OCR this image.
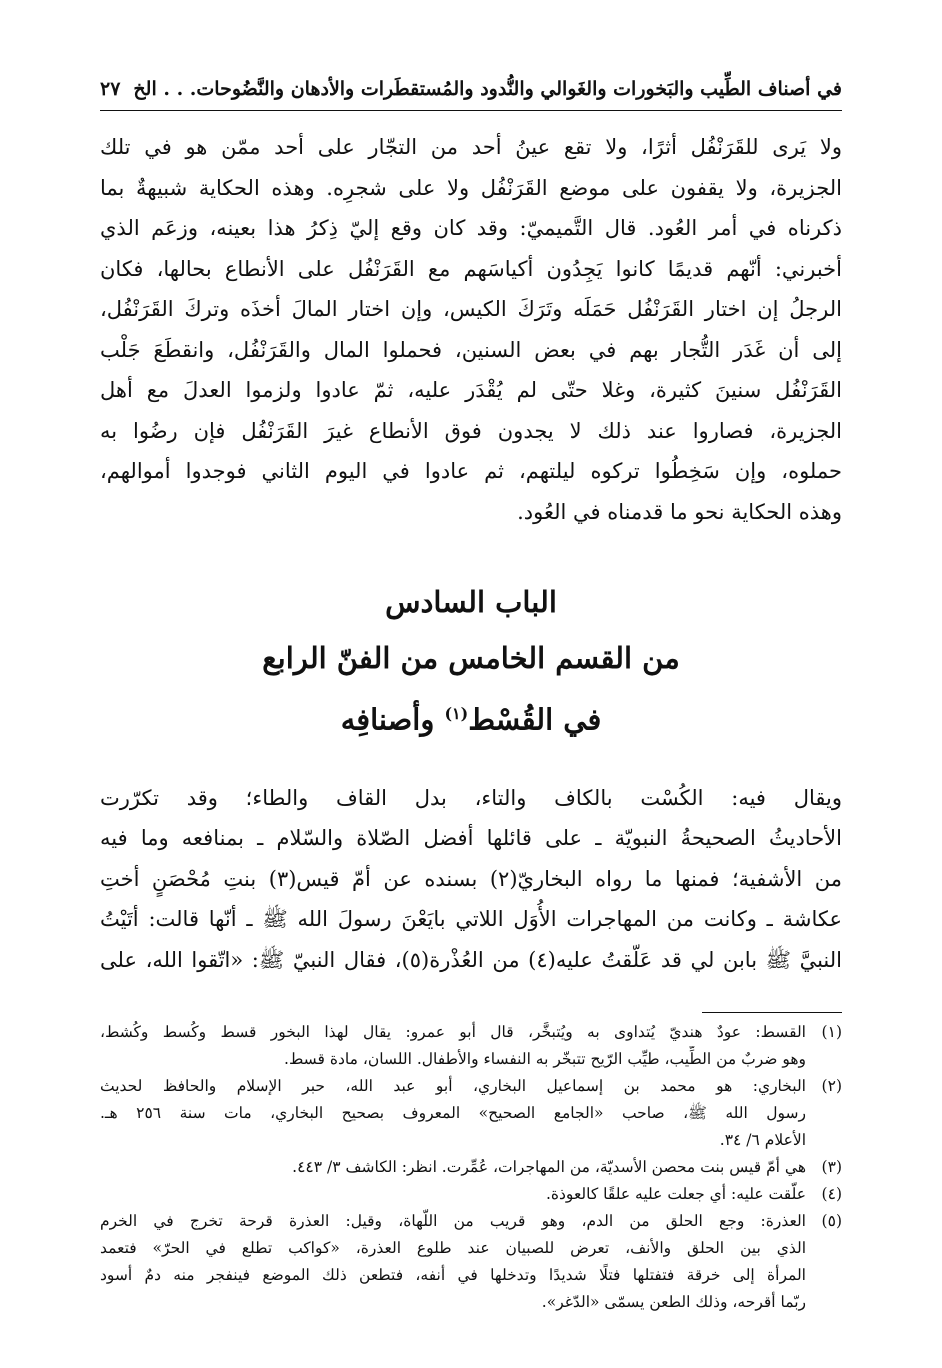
في أصناف الطِّيب والبَخورات والغَوالي والنُّدود والمُستقطَرات والأدهان والنَّضُوحات. . . الخ
٢٧
ولا يَرى للقَرَنْفُل أثرًا، ولا تقع عينُ أحد من التجّار على أحد ممّن هو في تلك
الجزيرة، ولا يقفون على موضع القَرَنْفُل ولا على شجرِه. وهذه الحكاية شبيهةٌ بما
ذكرناه في أمر العُود. قال التَّميميّ: وقد كان وقع إليّ ذِكرُ هذا بعينه، وزعَم الذي
أخبرني: أنّهم قديمًا كانوا يَجِدُون أكياسَهم مع القَرَنْفُل على الأنطاع بحالها، فكان
الرجلُ إن اختار القَرَنْفُل حَمَلَه وتَرَكَ الكيس، وإن اختار المالَ أخذَه وتركَ القَرَنْفُل،
إلى أن غَدَر التُّجار بهم في بعض السنين، فحملوا المال والقَرَنْفُل، وانقطَعَ جَلْب
القَرَنْفُل سنينَ كثيرة، وغلا حتّى لم يُقْدَر عليه، ثمّ عادوا ولزموا العدلَ مع أهل
الجزيرة، فصاروا عند ذلك لا يجدون فوق الأنطاع غيرَ القَرَنْفُل فإن رضُوا به
حملوه، وإن سَخِطُوا تركوه ليلتهم، ثم عادوا في اليوم الثاني فوجدوا أموالهم،
وهذه الحكاية نحو ما قدمناه في العُود.
الباب السادس
من القسم الخامس من الفنّ الرابع
في القُسْط$^{(١)}$ وأصنافِه
ويقال فيه: الكُسْت بالكاف والتاء، بدل القاف والطاء؛ وقد تكرّرت
الأحاديثُ الصحيحةُ النبويّة ـ على قائلها أفضل الصّلاة والسّلام ـ بمنافعه وما فيه
من الأشفية؛ فمنها ما رواه البخاريّ(٢) بسنده عن أمّ قيس(٣) بنتِ مُحْصَنٍ أختِ
عكاشة ـ وكانت من المهاجرات الأُوَل اللاتي بايَعْنَ رسولَ الله ﷺ ـ أنّها قالت: أتَيْتُ
النبيَّ ﷺ بابن لي قد عَلّقتُ عليه(٤) من العُذْرة(٥)، فقال النبيّ ﷺ: «اتّقوا الله، على
(١)
القسط: عودٌ هنديّ يُتداوى به ويُتبخَّر، قال أبو عمرو: يقال لهذا البخور قسط وكُسط وكُشط،
وهو ضربٌ من الطِّيب، طيِّب الرّيح تتبخّر به النفساء والأطفال. اللسان، مادة قسط.
(٢)
البخاري: هو محمد بن إسماعيل البخاري، أبو عبد الله، حبر الإسلام والحافظ لحديث
رسول الله ﷺ، صاحب «الجامع الصحيح» المعروف بصحيح البخاري، مات سنة ٢٥٦ هـ.
الأعلام ٦/ ٣٤.
(٣)
هي أمّ قيس بنت محصن الأسديّة، من المهاجرات، عُمِّرت. انظر: الكاشف ٣/ ٤٤٣.
(٤)
علّقت عليه: أي جعلت عليه علقًا كالعوذة.
(٥)
العذرة: وجع الحلق من الدم، وهو قريب من اللّهاة، وقيل: العذرة قرحة تخرج في الخرم
الذي بين الحلق والأنف، تعرض للصبيان عند طلوع العذرة، «كواكب تطلع في الحرّ» فتعمد
المرأة إلى خرقة فتفتلها فتلًا شديدًا وتدخلها في أنفه، فتطعن ذلك الموضع فينفجر منه دمٌ أسود
ربّما أقرحه، وذلك الطعن يسمّى «الدّغر».
